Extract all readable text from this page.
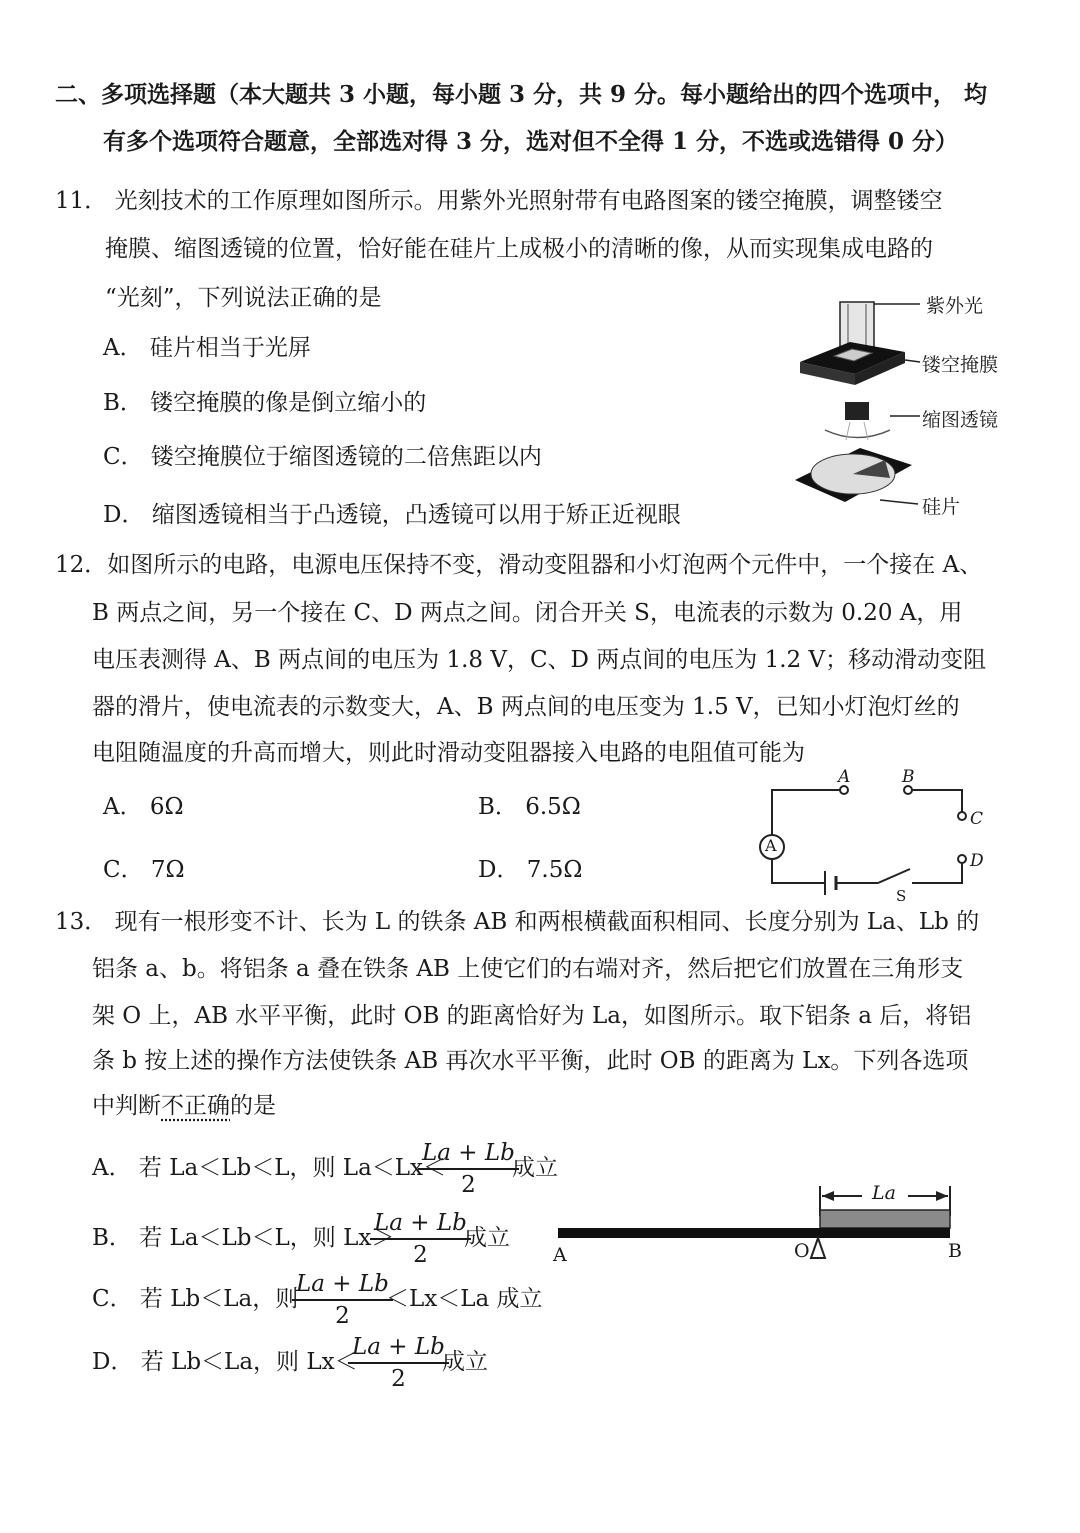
二、多项选择题（本大题共 3 小题，每小题 3 分，共 9 分。每小题给出的四个选项中， 均
有多个选项符合题意，全部选对得 3 分，选对但不全得 1 分，不选或选错得 0 分）
11． 光刻技术的工作原理如图所示。用紫外光照射带有电路图案的镂空掩膜，调整镂空
掩膜、缩图透镜的位置，恰好能在硅片上成极小的清晰的像，从而实现集成电路的
“光刻”，下列说法正确的是
A． 硅片相当于光屏
B． 镂空掩膜的像是倒立缩小的
C． 镂空掩膜位于缩图透镜的二倍焦距以内
D． 缩图透镜相当于凸透镜，凸透镜可以用于矫正近视眼
紫外光
镂空掩膜
缩图透镜
硅片
12．如图所示的电路，电源电压保持不变，滑动变阻器和小灯泡两个元件中，一个接在 A、
B 两点之间，另一个接在 C、D 两点之间。闭合开关 S，电流表的示数为 0.20 A，用
电压表测得 A、B 两点间的电压为 1.8 V，C、D 两点间的电压为 1.2 V；移动滑动变阻
器的滑片，使电流表的示数变大，A、B 两点间的电压变为 1.5 V，已知小灯泡灯丝的
电阻随温度的升高而增大，则此时滑动变阻器接入电路的电阻值可能为
A． 6Ω	B． 6.5Ω
C． 7Ω	D． 7.5Ω
A	B
C
D
A
S
13． 现有一根形变不计、长为 L 的铁条 AB 和两根横截面积相同、长度分别为 La、Lb 的
铝条 a、b。将铝条 a 叠在铁条 AB 上使它们的右端对齐，然后把它们放置在三角形支
架 O 上，AB 水平平衡，此时 OB 的距离恰好为 La，如图所示。取下铝条 a 后，将铝
条 b 按上述的操作方法使铁条 AB 再次水平平衡，此时 OB 的距离为 Lx。下列各选项
中判断不正确的是
A． 若 La＜Lb＜L，则 La＜Lx＜
$\frac{La + Lb}{2}$
成立
B． 若 La＜Lb＜L，则 Lx＞
$\frac{La + Lb}{2}$
成立
C． 若 Lb＜La，则
$\frac{La + Lb}{2}$
＜Lx＜La 成立
D． 若 Lb＜La，则 Lx＜
$\frac{La + Lb}{2}$
成立
La
A	O	B
